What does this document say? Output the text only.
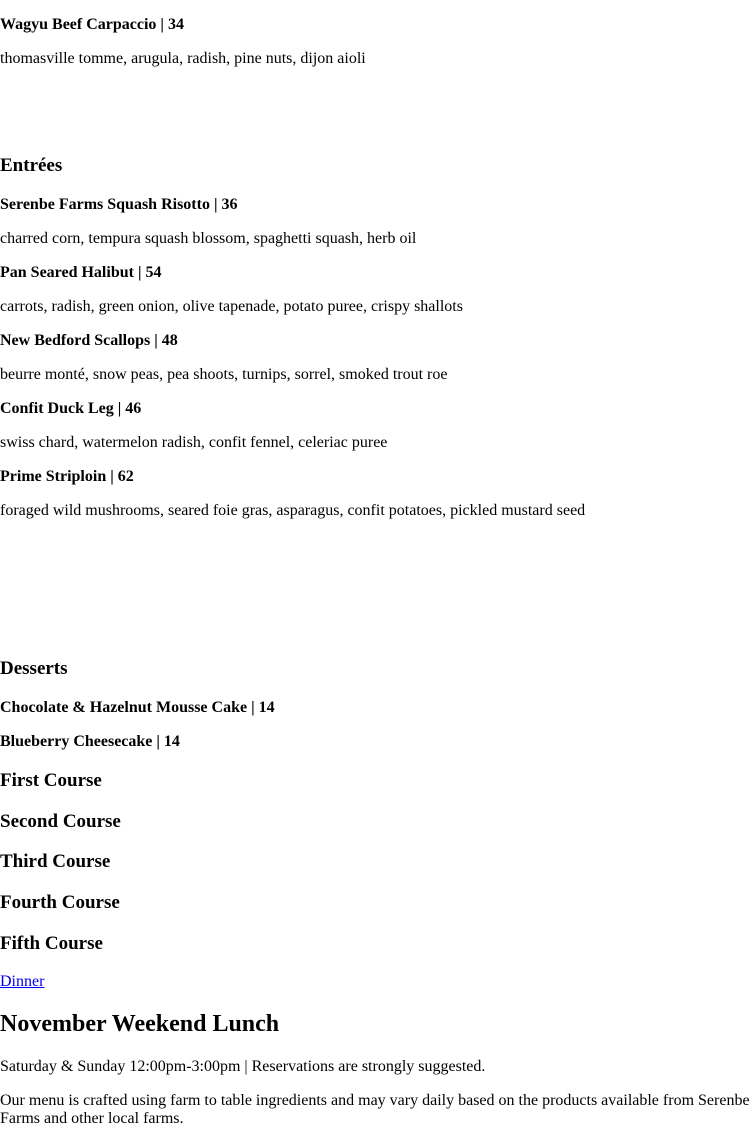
Wagyu Beef Carpaccio | 34
thomasville tomme, arugula, radish, pine nuts, dijon aioli
Entrées
Serenbe Farms Squash Risotto | 36
charred corn, tempura squash blossom, spaghetti squash, herb oil
Pan Seared Halibut | 54
carrots, radish, green onion, olive tapenade, potato puree, crispy shallots
New Bedford Scallops | 48
beurre monté, snow peas, pea shoots, turnips, sorrel, smoked trout roe
Confit Duck Leg | 46
swiss chard, watermelon radish, confit fennel, celeriac puree
Prime Striploin | 62
foraged wild mushrooms, seared foie gras, asparagus, confit potatoes, pickled mustard seed
Desserts
Chocolate & Hazelnut Mousse Cake | 14
Blueberry Cheesecake | 14
First Course
Second Course
Third Course
Fourth Course
Fifth Course
Dinner
November Weekend Lunch
Saturday & Sunday 12:00pm-3:00pm | Reservations are strongly suggested.
Our menu is crafted using farm to table ingredients and may vary daily based on the products available from Serenbe Farms and other local farms.
